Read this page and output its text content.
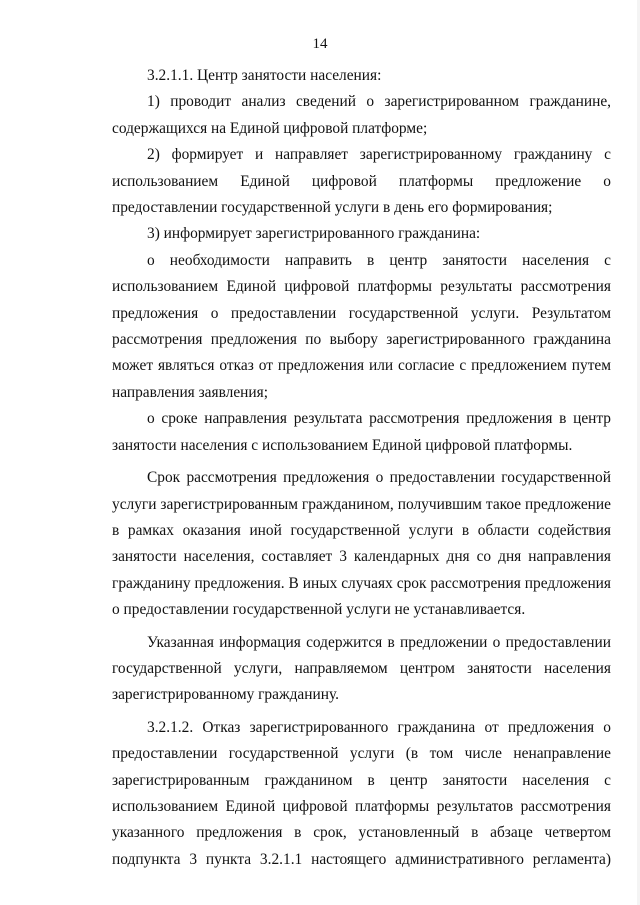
14

3.2.1.1. Центр занятости населения:

1) проводит анализ сведений о зарегистрированном гражданине, содержащихся на Единой цифровой платформе;

2) формирует и направляет зарегистрированному гражданину с использованием Единой цифровой платформы предложение о предоставлении государственной услуги в день его формирования;

3) информирует зарегистрированного гражданина:

о необходимости направить в центр занятости населения с использованием Единой цифровой платформы результаты рассмотрения предложения о предоставлении государственной услуги. Результатом рассмотрения предложения по выбору зарегистрированного гражданина может являться отказ от предложения или согласие с предложением путем направления заявления;

о сроке направления результата рассмотрения предложения в центр занятости населения с использованием Единой цифровой платформы.

Срок рассмотрения предложения о предоставлении государственной услуги зарегистрированным гражданином, получившим такое предложение в рамках оказания иной государственной услуги в области содействия занятости населения, составляет 3 календарных дня со дня направления гражданину предложения. В иных случаях срок рассмотрения предложения о предоставлении государственной услуги не устанавливается.

Указанная информация содержится в предложении о предоставлении государственной услуги, направляемом центром занятости населения зарегистрированному гражданину.

3.2.1.2. Отказ зарегистрированного гражданина от предложения о предоставлении государственной услуги (в том числе ненаправление зарегистрированным гражданином в центр занятости населения с использованием Единой цифровой платформы результатов рассмотрения указанного предложения в срок, установленный в абзаце четвертом подпункта 3 пункта 3.2.1.1 настоящего административного регламента)
